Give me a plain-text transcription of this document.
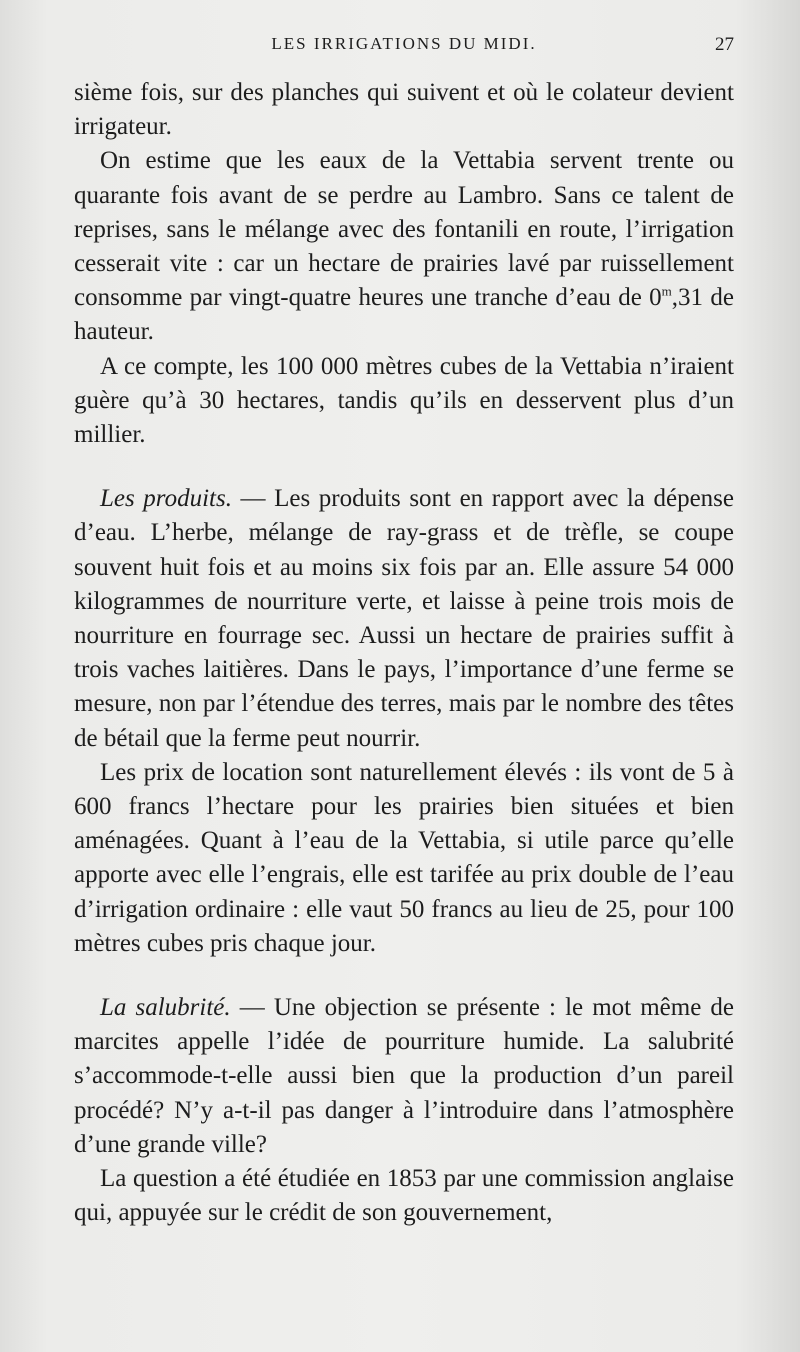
LES IRRIGATIONS DU MIDI.	27

sième fois, sur des planches qui suivent et où le colateur devient irrigateur.

On estime que les eaux de la Vettabia servent trente ou quarante fois avant de se perdre au Lambro. Sans ce talent de reprises, sans le mélange avec des fontanili en route, l’irrigation cesserait vite : car un hectare de prairies lavé par ruissellement consomme par vingt-quatre heures une tranche d’eau de 0$^m$,31 de hauteur.

A ce compte, les 100 000 mètres cubes de la Vettabia n’iraient guère qu’à 30 hectares, tandis qu’ils en desservent plus d’un millier.

Les produits. — Les produits sont en rapport avec la dépense d’eau. L’herbe, mélange de ray-grass et de trèfle, se coupe souvent huit fois et au moins six fois par an. Elle assure 54 000 kilogrammes de nourriture verte, et laisse à peine trois mois de nourriture en fourrage sec. Aussi un hectare de prairies suffit à trois vaches laitières. Dans le pays, l’importance d’une ferme se mesure, non par l’étendue des terres, mais par le nombre des têtes de bétail que la ferme peut nourrir.

Les prix de location sont naturellement élevés : ils vont de 5 à 600 francs l’hectare pour les prairies bien situées et bien aménagées. Quant à l’eau de la Vettabia, si utile parce qu’elle apporte avec elle l’engrais, elle est tarifée au prix double de l’eau d’irrigation ordinaire : elle vaut 50 francs au lieu de 25, pour 100 mètres cubes pris chaque jour.

La salubrité. — Une objection se présente : le mot même de marcites appelle l’idée de pourriture humide. La salubrité s’accommode-t-elle aussi bien que la production d’un pareil procédé? N’y a-t-il pas danger à l’introduire dans l’atmosphère d’une grande ville?

La question a été étudiée en 1853 par une commission anglaise qui, appuyée sur le crédit de son gouvernement,
